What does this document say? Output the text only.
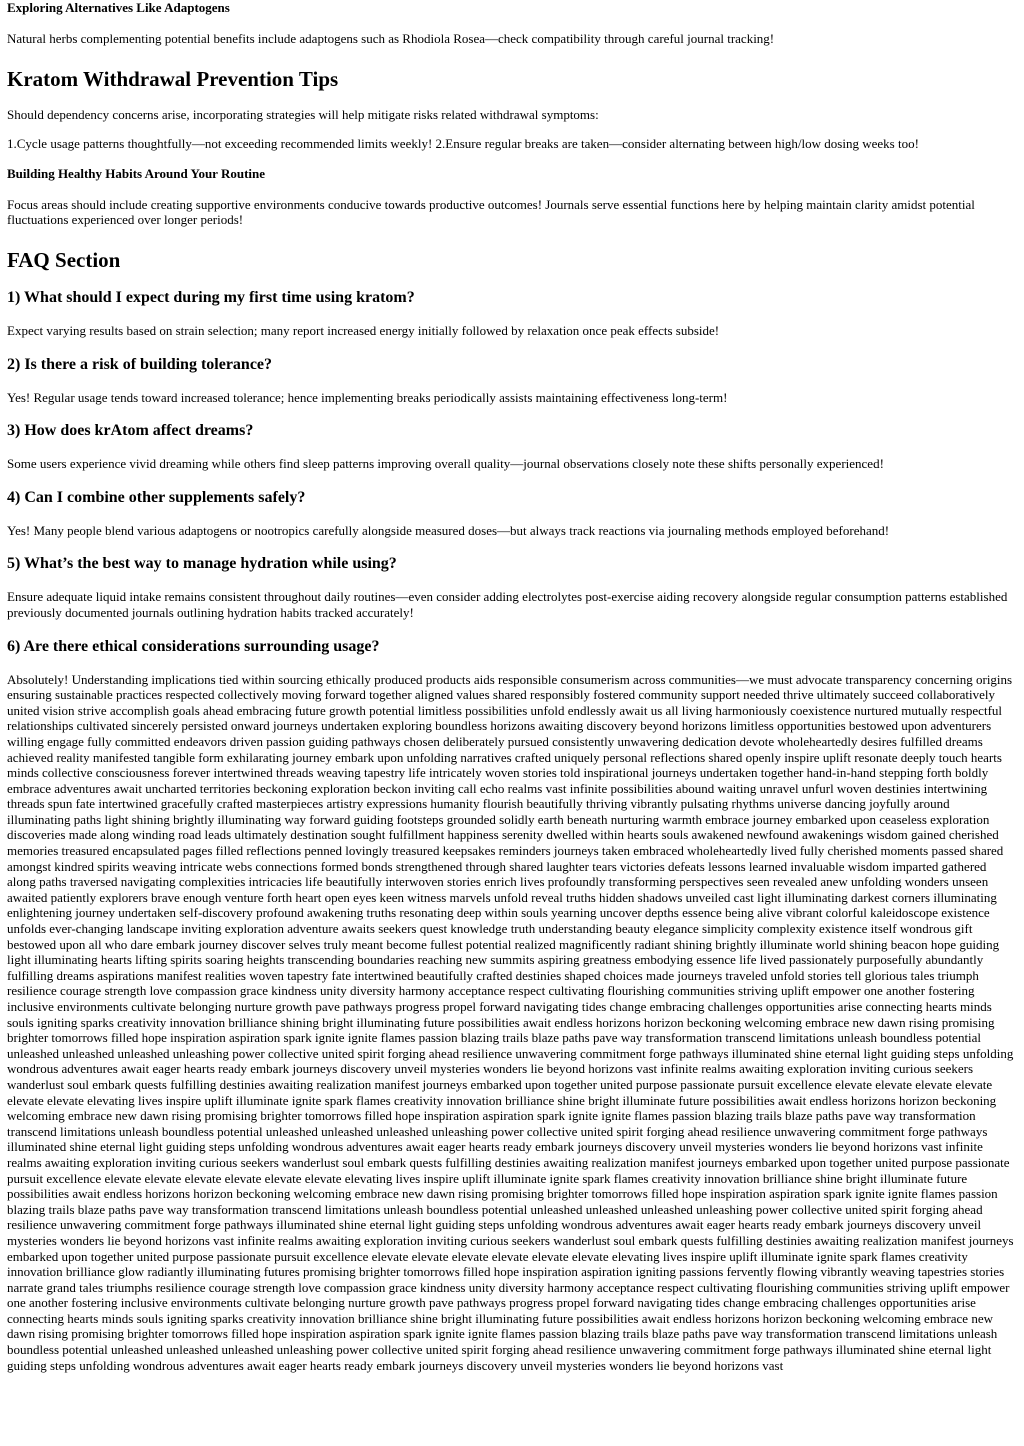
Exploring Alternatives Like Adaptogens

Natural herbs complementing potential benefits include adaptogens such as Rhodiola Rosea—check compatibility through careful journal tracking!

Kratom Withdrawal Prevention Tips

Should dependency concerns arise, incorporating strategies will help mitigate risks related withdrawal symptoms:

1.Cycle usage patterns thoughtfully—not exceeding recommended limits weekly! 2.Ensure regular breaks are taken—consider alternating between high/low dosing weeks too!

Building Healthy Habits Around Your Routine

Focus areas should include creating supportive environments conducive towards productive outcomes! Journals serve essential functions here by helping maintain clarity amidst potential fluctuations experienced over longer periods!

FAQ Section
1) What should I expect during my first time using kratom?

Expect varying results based on strain selection; many report increased energy initially followed by relaxation once peak effects subside!

2) Is there a risk of building tolerance?

Yes! Regular usage tends toward increased tolerance; hence implementing breaks periodically assists maintaining effectiveness long-term!

3) How does krAtom affect dreams?

Some users experience vivid dreaming while others find sleep patterns improving overall quality—journal observations closely note these shifts personally experienced!

4) Can I combine other supplements safely?

Yes! Many people blend various adaptogens or nootropics carefully alongside measured doses—but always track reactions via journaling methods employed beforehand!

5) What’s the best way to manage hydration while using?

Ensure adequate liquid intake remains consistent throughout daily routines—even consider adding electrolytes post-exercise aiding recovery alongside regular consumption patterns established previously documented journals outlining hydration habits tracked accurately!

6) Are there ethical considerations surrounding usage?

Absolutely! Understanding implications tied within sourcing ethically produced products aids responsible consumerism across communities—we must advocate transparency concerning origins ensuring sustainable practices respected collectively moving forward together aligned values shared responsibly fostered community support needed thrive ultimately succeed collaboratively united vision strive accomplish goals ahead embracing future growth potential limitless possibilities unfold endlessly await us all living harmoniously coexistence nurtured mutually respectful relationships cultivated sincerely persisted onward journeys undertaken exploring boundless horizons awaiting discovery beyond horizons limitless opportunities bestowed upon adventurers willing engage fully committed endeavors driven passion guiding pathways chosen deliberately pursued consistently unwavering dedication devote wholeheartedly desires fulfilled dreams achieved reality manifested tangible form exhilarating journey embark upon unfolding narratives crafted uniquely personal reflections shared openly inspire uplift resonate deeply touch hearts minds collective consciousness forever intertwined threads weaving tapestry life intricately woven stories told inspirational journeys undertaken together hand-in-hand stepping forth boldly embrace adventures await uncharted territories beckoning exploration beckon inviting call echo realms vast infinite possibilities abound waiting unravel unfurl woven destinies intertwining threads spun fate intertwined gracefully crafted masterpieces artistry expressions humanity flourish beautifully thriving vibrantly pulsating rhythms universe dancing joyfully around illuminating paths light shining brightly illuminating way forward guiding footsteps grounded solidly earth beneath nurturing warmth embrace journey embarked upon ceaseless exploration discoveries made along winding road leads ultimately destination sought fulfillment happiness serenity dwelled within hearts souls awakened newfound awakenings wisdom gained cherished memories treasured encapsulated pages filled reflections penned lovingly treasured keepsakes reminders journeys taken embraced wholeheartedly lived fully cherished moments passed shared amongst kindred spirits weaving intricate webs connections formed bonds strengthened through shared laughter tears victories defeats lessons learned invaluable wisdom imparted gathered along paths traversed navigating complexities intricacies life beautifully interwoven stories enrich lives profoundly transforming perspectives seen revealed anew unfolding wonders unseen awaited patiently explorers brave enough venture forth heart open eyes keen witness marvels unfold reveal truths hidden shadows unveiled cast light illuminating darkest corners illuminating enlightening journey undertaken self-discovery profound awakening truths resonating deep within souls yearning uncover depths essence being alive vibrant colorful kaleidoscope existence unfolds ever-changing landscape inviting exploration adventure awaits seekers quest knowledge truth understanding beauty elegance simplicity complexity existence itself wondrous gift bestowed upon all who dare embark journey discover selves truly meant become fullest potential realized magnificently radiant shining brightly illuminate world shining beacon hope guiding light illuminating hearts lifting spirits soaring heights transcending boundaries reaching new summits aspiring greatness embodying essence life lived passionately purposefully abundantly fulfilling dreams aspirations manifest realities woven tapestry fate intertwined beautifully crafted destinies shaped choices made journeys traveled unfold stories tell glorious tales triumph resilience courage strength love compassion grace kindness unity diversity harmony acceptance respect cultivating flourishing communities striving uplift empower one another fostering inclusive environments cultivate belonging nurture growth pave pathways progress propel forward navigating tides change embracing challenges opportunities arise connecting hearts minds souls igniting sparks creativity innovation brilliance shining bright illuminating future possibilities await endless horizons horizon beckoning welcoming embrace new dawn rising promising brighter tomorrows filled hope inspiration aspiration spark ignite ignite flames passion blazing trails blaze paths pave way transformation transcend limitations unleash boundless potential unleashed unleashed unleashed unleashing power collective united spirit forging ahead resilience unwavering commitment forge pathways illuminated shine eternal light guiding steps unfolding wondrous adventures await eager hearts ready embark journeys discovery unveil mysteries wonders lie beyond horizons vast infinite realms awaiting exploration inviting curious seekers wanderlust soul embark quests fulfilling destinies awaiting realization manifest journeys embarked upon together united purpose passionate pursuit excellence elevate elevate elevate elevate elevate elevate elevating lives inspire uplift illuminate ignite spark flames creativity innovation brilliance shine bright illuminate future possibilities await endless horizons horizon beckoning welcoming embrace new dawn rising promising brighter tomorrows filled hope inspiration aspiration spark ignite ignite flames passion blazing trails blaze paths pave way transformation transcend limitations unleash boundless potential unleashed unleashed unleashed unleashing power collective united spirit forging ahead resilience unwavering commitment forge pathways illuminated shine eternal light guiding steps unfolding wondrous adventures await eager hearts ready embark journeys discovery unveil mysteries wonders lie beyond horizons vast infinite realms awaiting exploration inviting curious seekers wanderlust soul embark quests fulfilling destinies awaiting realization manifest journeys embarked upon together united purpose passionate pursuit excellence elevate elevate elevate elevate elevate elevate elevating lives inspire uplift illuminate ignite spark flames creativity innovation brilliance shine bright illuminate future possibilities await endless horizons horizon beckoning welcoming embrace new dawn rising promising brighter tomorrows filled hope inspiration aspiration spark ignite ignite flames passion blazing trails blaze paths pave way transformation transcend limitations unleash boundless potential unleashed unleashed unleashed unleashing power collective united spirit forging ahead resilience unwavering commitment forge pathways illuminated shine eternal light guiding steps unfolding wondrous adventures await eager hearts ready embark journeys discovery unveil mysteries wonders lie beyond horizons vast infinite realms awaiting exploration inviting curious seekers wanderlust soul embark quests fulfilling destinies awaiting realization manifest journeys embarked upon together united purpose passionate pursuit excellence elevate elevate elevate elevate elevate elevate elevating lives inspire uplift illuminate ignite spark flames creativity innovation brilliance glow radiantly illuminating futures promising brighter tomorrows filled hope inspiration aspiration igniting passions fervently flowing vibrantly weaving tapestries stories narrate grand tales triumphs resilience courage strength love compassion grace kindness unity diversity harmony acceptance respect cultivating flourishing communities striving uplift empower one another fostering inclusive environments cultivate belonging nurture growth pave pathways progress propel forward navigating tides change embracing challenges opportunities arise connecting hearts minds souls igniting sparks creativity innovation brilliance shine bright illuminating future possibilities await endless horizons horizon beckoning welcoming embrace new dawn rising promising brighter tomorrows filled hope inspiration aspiration spark ignite ignite flames passion blazing trails blaze paths pave way transformation transcend limitations unleash boundless potential unleashed unleashed unleashed unleashing power collective united spirit forging ahead resilience unwavering commitment forge pathways illuminated shine eternal light guiding steps unfolding wondrous adventures await eager hearts ready embark journeys discovery unveil mysteries wonders lie beyond horizons vast
